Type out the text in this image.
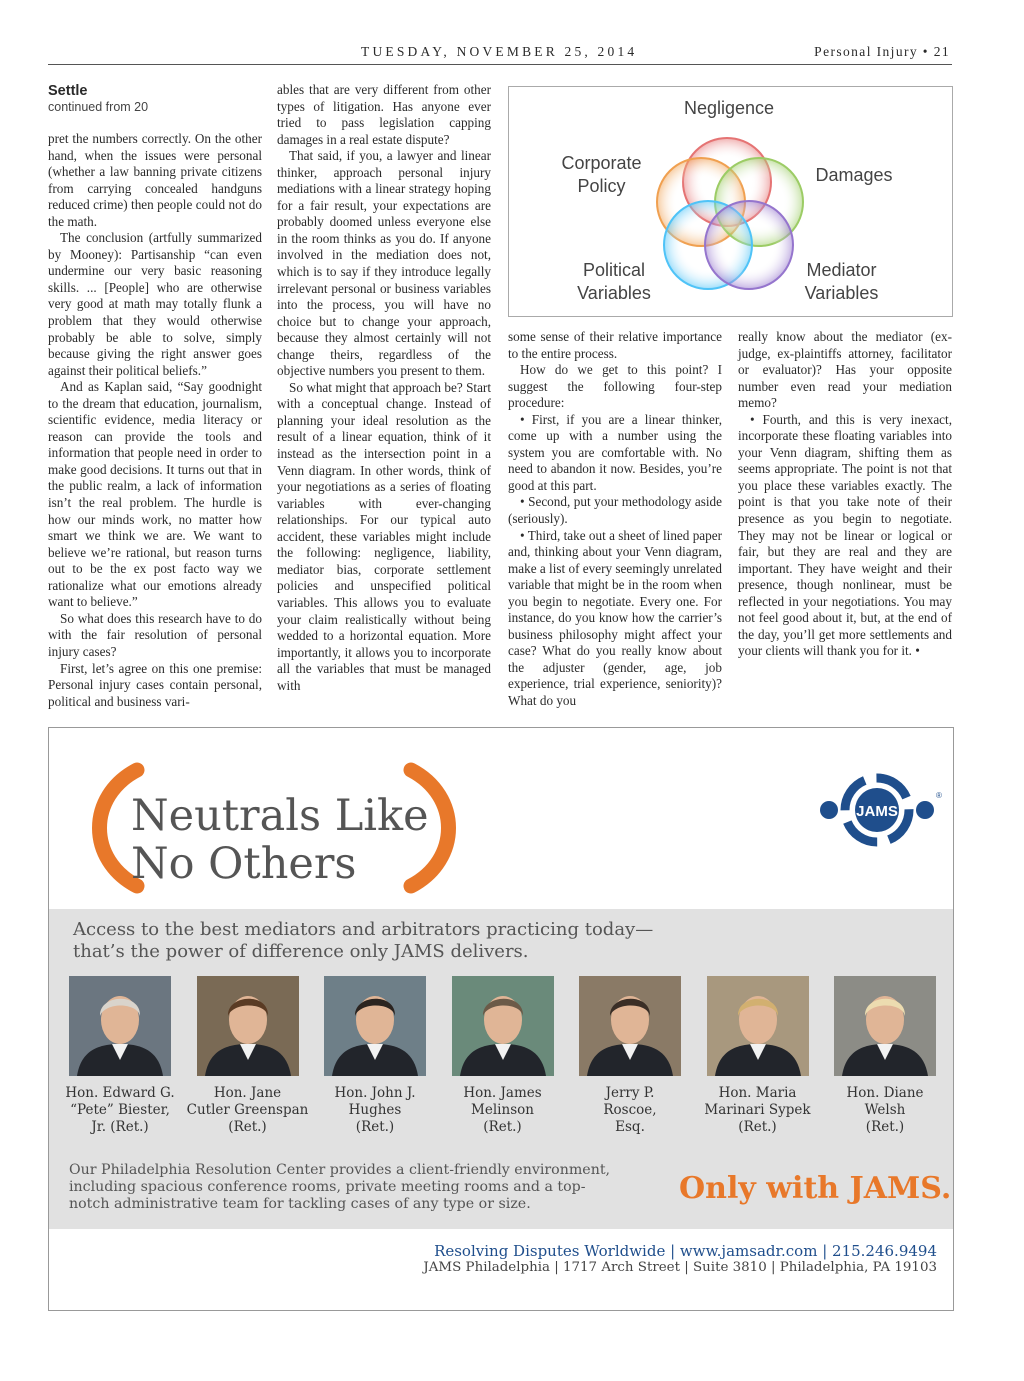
TUESDAY, NOVEMBER 25, 2014	Personal Injury • 21

Settle

continued from 20

pret the numbers correctly. On the other hand, when the issues were personal (whether a law banning private citizens from carrying concealed handguns reduced crime) then people could not do the math.

The conclusion (artfully summarized by Mooney): Partisanship “can even undermine our very basic reasoning skills. ... [People] who are otherwise very good at math may totally flunk a problem that they would otherwise probably be able to solve, simply because giving the right answer goes against their political beliefs.”

And as Kaplan said, “Say goodnight to the dream that education, journalism, scientific evidence, media literacy or reason can provide the tools and information that people need in order to make good decisions. It turns out that in the public realm, a lack of information isn’t the real problem. The hurdle is how our minds work, no matter how smart we think we are. We want to believe we’re rational, but reason turns out to be the ex post facto way we rationalize what our emotions already want to believe.”

So what does this research have to do with the fair resolution of personal injury cases?

First, let’s agree on this one premise: Personal injury cases contain personal, political and business vari-

ables that are very different from other types of litigation. Has anyone ever tried to pass legislation capping damages in a real estate dispute?

That said, if you, a lawyer and linear thinker, approach personal injury mediations with a linear strategy hoping for a fair result, your expectations are probably doomed unless everyone else in the room thinks as you do. If anyone involved in the mediation does not, which is to say if they introduce legally irrelevant personal or business variables into the process, you will have no choice but to change your approach, because they almost certainly will not change theirs, regardless of the objective numbers you present to them.

So what might that approach be? Start with a conceptual change. Instead of planning your ideal resolution as the result of a linear equation, think of it instead as the intersection point in a Venn diagram. In other words, think of your negotiations as a series of floating variables with ever-changing relationships. For our typical auto accident, these variables might include the following: negligence, liability, mediator bias, corporate settlement policies and unspecified political variables. This allows you to evaluate your claim realistically without being wedded to a horizontal equation. More importantly, it allows you to incorporate all the variables that must be managed with

Negligence
Corporate
Policy
Damages
Political
Variables
Mediator
Variables

some sense of their relative importance to the entire process.

How do we get to this point? I suggest the following four-step procedure:

• First, if you are a linear thinker, come up with a number using the system you are comfortable with. No need to abandon it now. Besides, you’re good at this part.

• Second, put your methodology aside (seriously).

• Third, take out a sheet of lined paper and, thinking about your Venn diagram, make a list of every seemingly unrelated variable that might be in the room when you begin to negotiate. Every one. For instance, do you know how the carrier’s business philosophy might affect your case? What do you really know about the adjuster (gender, age, job experience, trial experience, seniority)? What do you

really know about the mediator (ex-judge, ex-plaintiffs attorney, facilitator or evaluator)? Has your opposite number even read your mediation memo?

• Fourth, and this is very inexact, incorporate these floating variables into your Venn diagram, shifting them as seems appropriate. The point is not that you place these variables exactly. The point is that you take note of their presence as you begin to negotiate. They may not be linear or logical or fair, but they are real and they are important. They have weight and their presence, though nonlinear, must be reflected in your negotiations. You may not feel good about it, but, at the end of the day, you’ll get more settlements and your clients will thank you for it. •

Neutrals Like
No Others
JAMS
®
Access to the best mediators and arbitrators practicing today—
that’s the power of difference only JAMS delivers.
Hon. Edward G.
“Pete” Biester,
Jr. (Ret.)
Hon. Jane
Cutler Greenspan
(Ret.)
Hon. John J.
Hughes
(Ret.)
Hon. James
Melinson
(Ret.)
Jerry P.
Roscoe,
Esq.
Hon. Maria
Marinari Sypek
(Ret.)
Hon. Diane
Welsh
(Ret.)
Our Philadelphia Resolution Center provides a client-friendly environment,
including spacious conference rooms, private meeting rooms and a top-
notch administrative team for tackling cases of any type or size.	Only with JAMS.
Resolving Disputes Worldwide | www.jamsadr.com | 215.246.9494
JAMS Philadelphia | 1717 Arch Street | Suite 3810 | Philadelphia, PA 19103
